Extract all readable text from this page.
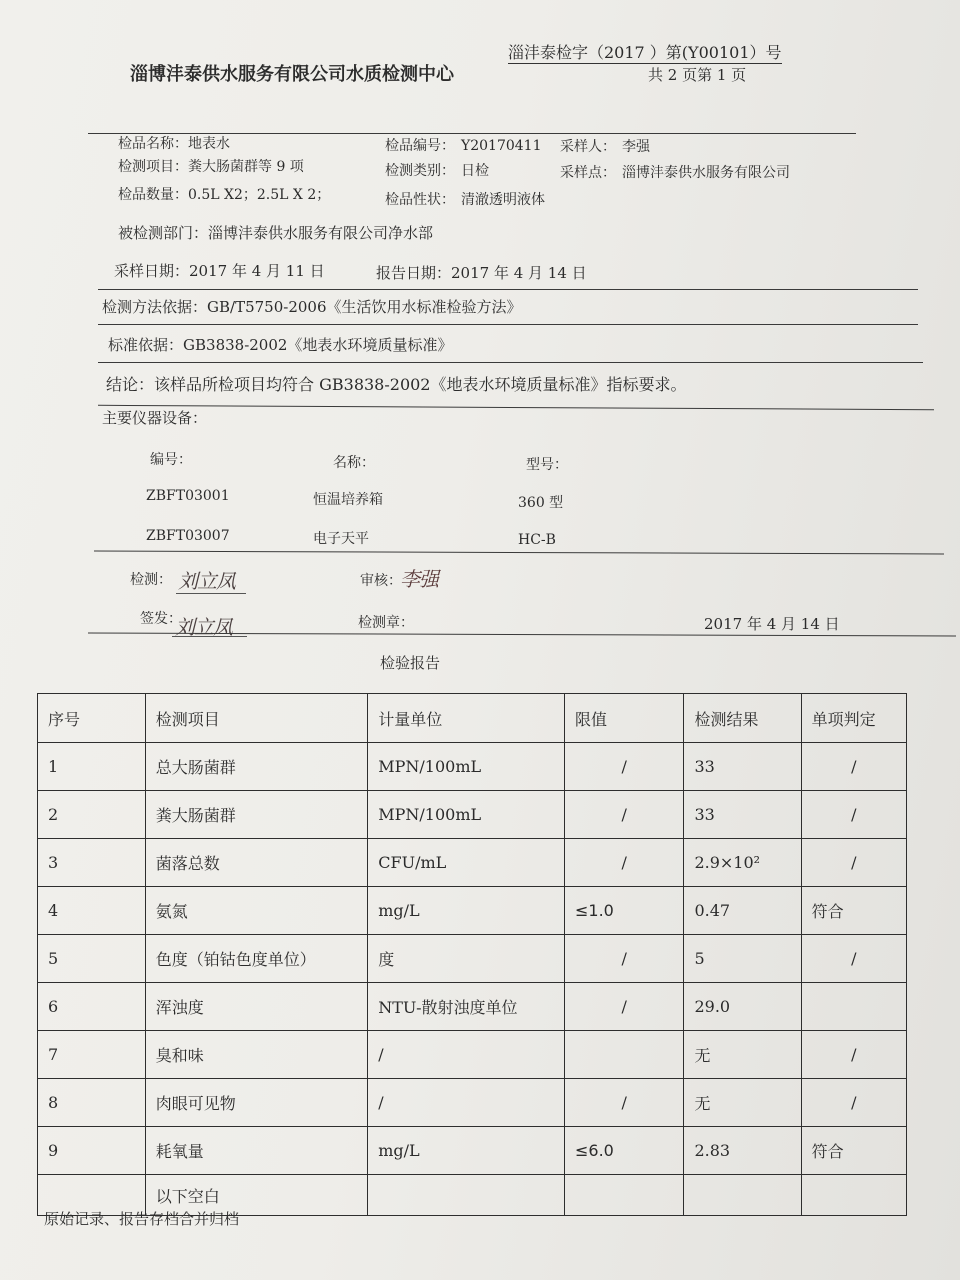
淄沣泰检字（2017 ）第(Y00101）号
淄博沣泰供水服务有限公司水质检测中心	共 2 页第 1 页
检品名称：地表水	检品编号： Y20170411 采样人： 李强
检测项目：粪大肠菌群等 9 项	检测类别： 日检	采样点： 淄博沣泰供水服务有限公司
检品数量：0.5L X2；2.5L X 2；	检品性状： 清澈透明液体
被检测部门：淄博沣泰供水服务有限公司净水部
采样日期：2017 年 4 月 11 日	报告日期：2017 年 4 月 14 日
检测方法依据：GB/T5750-2006《生活饮用水标准检验方法》
标准依据：GB3838-2002《地表水环境质量标准》
结论：该样品所检项目均符合 GB3838-2002《地表水环境质量标准》指标要求。
主要仪器设备：
编号：	名称：	型号：
ZBFT03001	恒温培养箱	360 型
ZBFT03007	电子天平	HC-B
检测： 刘立凤	审核：
李强
签发：
刘立凤	检测章：	2017 年 4 月 14 日
检验报告
序号	检测项目	计量单位	限值	检测结果	单项判定
1	总大肠菌群	MPN/100mL	/	33	/
2	粪大肠菌群	MPN/100mL	/	33	/
3	菌落总数	CFU/mL	/	2.9×10²	/
4	氨氮	mg/L	≤1.0	0.47	符合
5	色度（铂钴色度单位）	度	/	5	/
6	浑浊度	NTU-散射浊度单位	/	29.0	
7	臭和味	/		无	/
8	肉眼可见物	/	/	无	/
9	耗氧量	mg/L	≤6.0	2.83	符合
	以下空白				
原始记录、报告存档合并归档
